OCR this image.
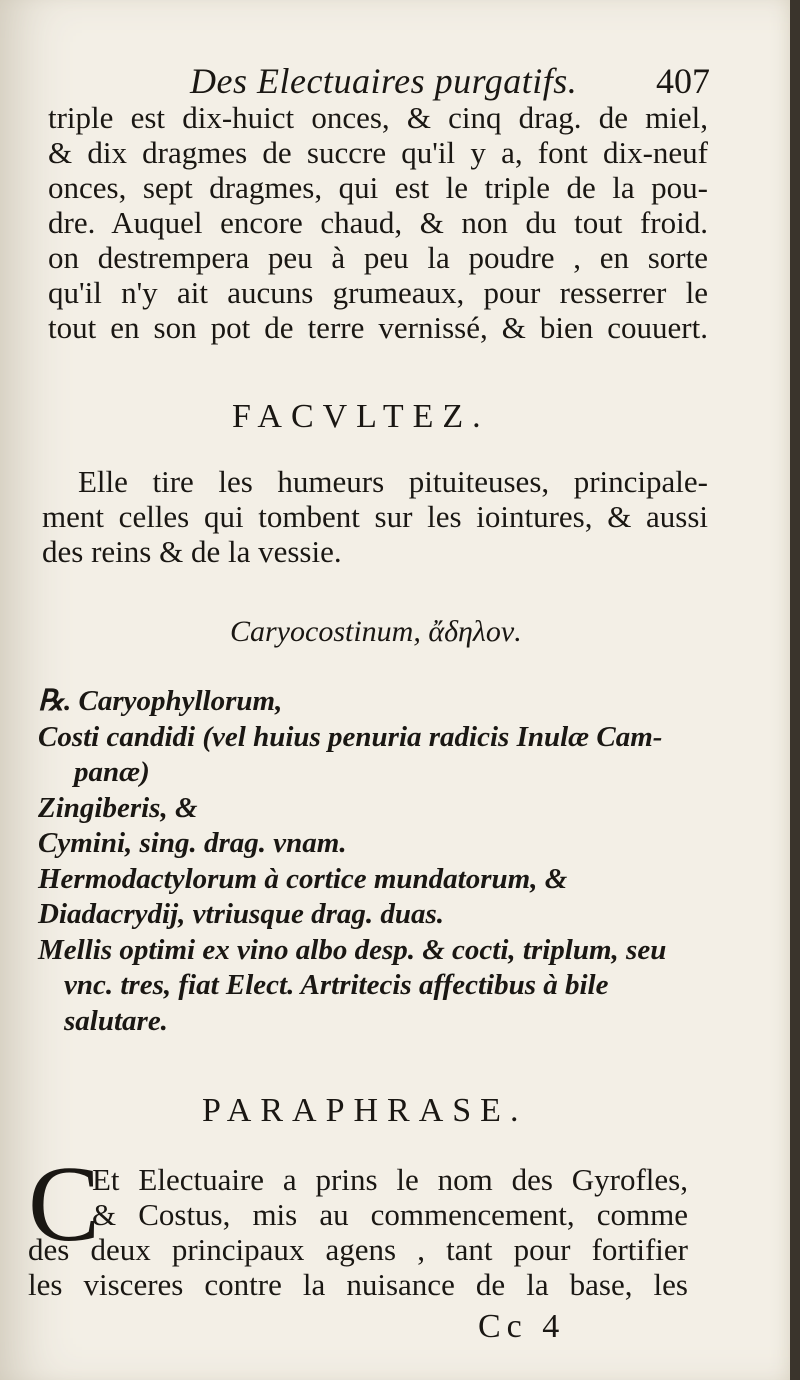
Des Electuaires purgatifs. 407
triple est dix-huict onces, & cinq drag. de miel,
& dix dragmes de succre qu'il y a, font dix-neuf
onces, sept dragmes, qui est le triple de la pou-
dre. Auquel encore chaud, & non du tout froid.
on destrempera peu à peu la poudre , en sorte
qu'il n'y ait aucuns grumeaux, pour resserrer le
tout en son pot de terre vernissé, & bien couuert.
FACVLTEZ.
Elle tire les humeurs pituiteuses, principale-
ment celles qui tombent sur les iointures, & aussi
des reins & de la vessie.
Caryocostinum, ἄδηλον.
℞. Caryophyllorum,
Costi candidi (vel huius penuria radicis Inulæ Cam-
panæ)
Zingiberis, &
Cymini, sing. drag. vnam.
Hermodactylorum à cortice mundatorum, &
Diadacrydij, vtriusque drag. duas.
Mellis optimi ex vino albo desp. & cocti, triplum, seu
vnc. tres, fiat Elect. Artritecis affectibus à bile
salutare.
PARAPHRASE.
C
Et Electuaire a prins le nom des Gyrofles,
& Costus, mis au commencement, comme
des deux principaux agens , tant pour fortifier
les visceres contre la nuisance de la base, les
Cc 4
